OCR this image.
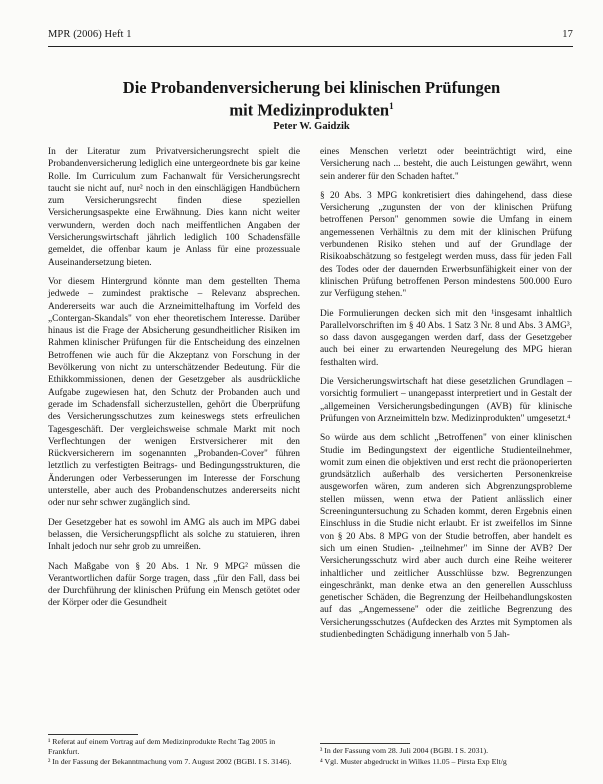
MPR (2006) Heft 1	17
Die Probandenversicherung bei klinischen Prüfungen
mit Medizinprodukten$^1$
Peter W. Gaidzik

In der Literatur zum Privatversicherungsrecht spielt die Probandenversicherung lediglich eine untergeordnete bis gar keine Rolle. Im Curriculum zum Fachanwalt für Versicherungsrecht taucht sie nicht auf, nur² noch in den einschlägigen Handbüchern zum Versicherungsrecht finden diese speziellen Versicherungsaspekte eine Erwähnung. Dies kann nicht weiter verwundern, werden doch nach meiffentlichen Angaben der Versicherungswirtschaft jährlich lediglich 100 Schadensfälle gemeldet, die offenbar kaum je Anlass für eine prozessuale Auseinandersetzung bieten.

Vor diesem Hintergrund könnte man dem gestellten Thema jedwede – zumindest praktische – Relevanz absprechen. Andererseits war auch die Arzneimittelhaftung im Vorfeld des „Contergan-Skandals" von eher theoretischem Interesse. Darüber hinaus ist die Frage der Absicherung gesundheitlicher Risiken im Rahmen klinischer Prüfungen für die Entscheidung des einzelnen Betroffenen wie auch für die Akzeptanz von Forschung in der Bevölkerung von nicht zu unterschätzender Bedeutung. Für die Ethikkommissionen, denen der Gesetzgeber als ausdrückliche Aufgabe zugewiesen hat, den Schutz der Probanden auch und gerade im Schadensfall sicherzustellen, gehört die Überprüfung des Versicherungsschutzes zum keineswegs stets erfreulichen Tagesgeschäft. Der vergleichsweise schmale Markt mit noch Verflechtungen der wenigen Erstversicherer mit den Rückversicherern im sogenannten „Probanden-Cover" führen letztlich zu verfestigten Beitrags- und Bedingungsstrukturen, die Änderungen oder Verbesserungen im Interesse der Forschung unterstelle, aber auch des Probandenschutzes andererseits nicht oder nur sehr schwer zugänglich sind.

Der Gesetzgeber hat es sowohl im AMG als auch im MPG dabei belassen, die Versicherungspflicht als solche zu statuieren, ihren Inhalt jedoch nur sehr grob zu umreißen.

Nach Maßgabe von § 20 Abs. 1 Nr. 9 MPG² müssen die Verantwortlichen dafür Sorge tragen, dass „für den Fall, dass bei der Durchführung der klinischen Prüfung ein Mensch getötet oder der Körper oder die Gesundheit

eines Menschen verletzt oder beeinträchtigt wird, eine Versicherung nach ... besteht, die auch Leistungen gewährt, wenn sein anderer für den Schaden haftet."

§ 20 Abs. 3 MPG konkretisiert dies dahingehend, dass diese Versicherung „zugunsten der von der klinischen Prüfung betroffenen Person" genommen sowie die Umfang in einem angemessenen Verhältnis zu dem mit der klinischen Prüfung verbundenen Risiko stehen und auf der Grundlage der Risikoabschätzung so festgelegt werden muss, dass für jeden Fall des Todes oder der dauernden Erwerbsunfähigkeit einer von der klinischen Prüfung betroffenen Person mindestens 500.000 Euro zur Verfügung stehen."

Die Formulierungen decken sich mit den ¹insgesamt inhaltlich Parallelvorschriften im § 40 Abs. 1 Satz 3 Nr. 8 und Abs. 3 AMG³, so dass davon ausgegangen werden darf, dass der Gesetzgeber auch bei einer zu erwartenden Neuregelung des MPG hieran festhalten wird.

Die Versicherungswirtschaft hat diese gesetzlichen Grundlagen – vorsichtig formuliert – unangepasst interpretiert und in Gestalt der „allgemeinen Versicherungsbedingungen (AVB) für klinische Prüfungen von Arzneimitteln bzw. Medizinprodukten" umgesetzt.⁴

So würde aus dem schlicht „Betroffenen" von einer klinischen Studie im Bedingungstext der eigentliche Studienteilnehmer, womit zum einen die objektiven und erst recht die präonoperierten grundsätzlich außerhalb des versicherten Personenkreise ausgeworfen wären, zum anderen sich Abgrenzungsprobleme stellen müssen, wenn etwa der Patient anlässlich einer Screeninguntersuchung zu Schaden kommt, deren Ergebnis einen Einschluss in die Studie nicht erlaubt. Er ist zweifellos im Sinne von § 20 Abs. 8 MPG von der Studie betroffen, aber handelt es sich um einen Studien- „teilnehmer" im Sinne der AVB? Der Versicherungsschutz wird aber auch durch eine Reihe weiterer inhaltlicher und zeitlicher Ausschlüsse bzw. Begrenzungen eingeschränkt, man denke etwa an den generellen Ausschluss genetischer Schäden, die Begrenzung der Heilbehandlungskosten auf das „Angemessene" oder die zeitliche Begrenzung des Versicherungsschutzes (Aufdecken des Arztes mit Symptomen als studienbedingten Schädigung innerhalb von 5 Jah-

¹ Referat auf einem Vortrag auf dem Medizinprodukte Recht Tag 2005 in Frankfurt.

² In der Fassung der Bekanntmachung vom 7. August 2002 (BGBl. I S. 3146).

³ In der Fassung vom 28. Juli 2004 (BGBl. I S. 2031).

⁴ Vgl. Muster abgedruckt in Wilkes 11.05 – Pirsta Exp Elt/g
